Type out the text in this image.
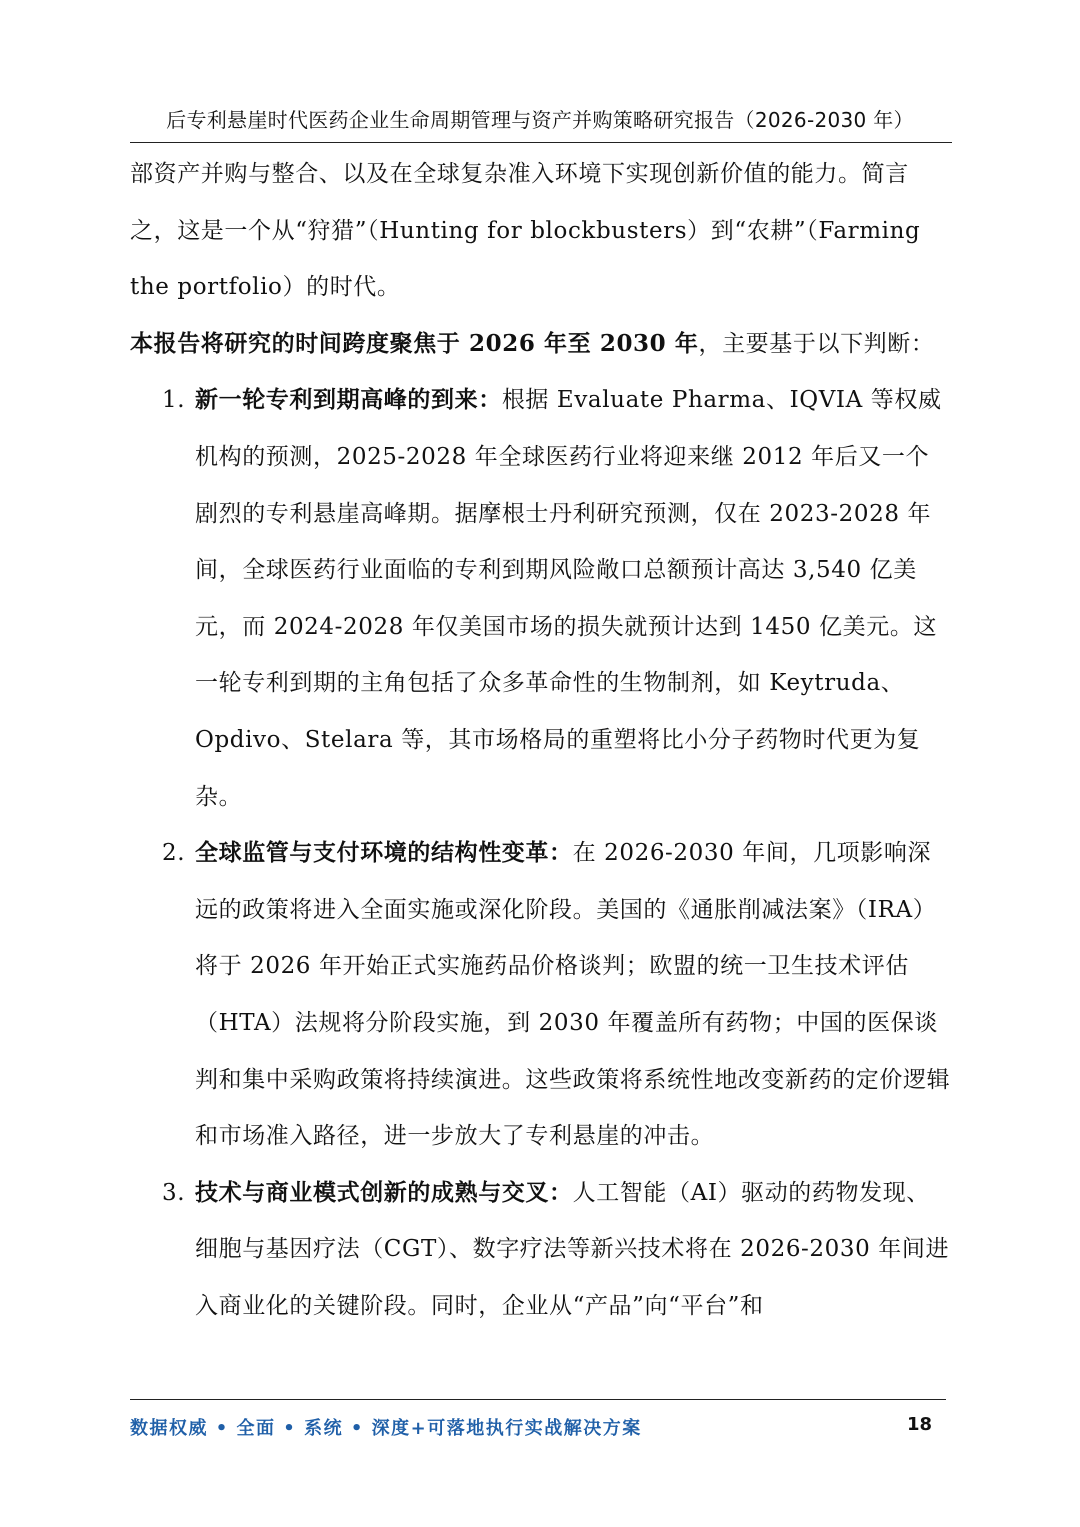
后专利悬崖时代医药企业生命周期管理与资产并购策略研究报告（2026-2030 年）

部资产并购与整合、以及在全球复杂准入环境下实现创新价值的能力。简言之，这是一个从“狩猎”（Hunting for blockbusters）到“农耕”（Farming the portfolio）的时代。

本报告将研究的时间跨度聚焦于 2026 年至 2030 年，主要基于以下判断：

1. 新一轮专利到期高峰的到来：根据 Evaluate Pharma、IQVIA 等权威机构的预测，2025-2028 年全球医药行业将迎来继 2012 年后又一个剧烈的专利悬崖高峰期。据摩根士丹利研究预测，仅在 2023-2028 年间，全球医药行业面临的专利到期风险敞口总额预计高达 3,540 亿美元，而 2024-2028 年仅美国市场的损失就预计达到 1450 亿美元。这一轮专利到期的主角包括了众多革命性的生物制剂，如 Keytruda、Opdivo、Stelara 等，其市场格局的重塑将比小分子药物时代更为复杂。
2. 全球监管与支付环境的结构性变革：在 2026-2030 年间，几项影响深远的政策将进入全面实施或深化阶段。美国的《通胀削减法案》（IRA）将于 2026 年开始正式实施药品价格谈判；欧盟的统一卫生技术评估（HTA）法规将分阶段实施，到 2030 年覆盖所有药物；中国的医保谈判和集中采购政策将持续演进。这些政策将系统性地改变新药的定价逻辑和市场准入路径，进一步放大了专利悬崖的冲击。
3. 技术与商业模式创新的成熟与交叉：人工智能（AI）驱动的药物发现、细胞与基因疗法（CGT）、数字疗法等新兴技术将在 2026-2030 年间进入商业化的关键阶段。同时，企业从“产品”向“平台”和
数据权威 • 全面 • 系统 • 深度+可落地执行实战解决方案	18
